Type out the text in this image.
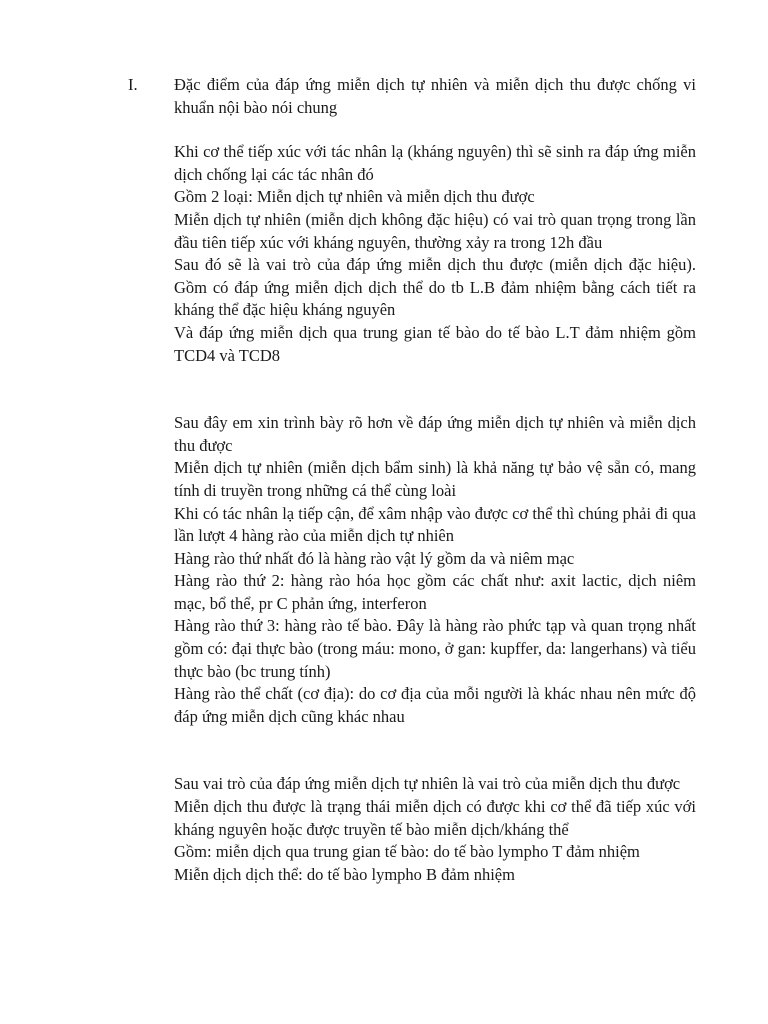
I. Đặc điểm của đáp ứng miễn dịch tự nhiên và miễn dịch thu được chống vi khuẩn nội bào nói chung

Khi cơ thể tiếp xúc với tác nhân lạ (kháng nguyên) thì sẽ sinh ra đáp ứng miễn dịch chống lại các tác nhân đó

Gồm 2 loại: Miễn dịch tự nhiên và miễn dịch thu được

Miễn dịch tự nhiên (miễn dịch không đặc hiệu) có vai trò quan trọng trong lần đầu tiên tiếp xúc với kháng nguyên, thường xảy ra trong 12h đầu

Sau đó sẽ là vai trò của đáp ứng miễn dịch thu được (miễn dịch đặc hiệu). Gồm có đáp ứng miễn dịch dịch thể do tb L.B đảm nhiệm bằng cách tiết ra kháng thể đặc hiệu kháng nguyên

Và đáp ứng miễn dịch qua trung gian tế bào do tế bào L.T đảm nhiệm gồm TCD4 và TCD8

Sau đây em xin trình bày rõ hơn về đáp ứng miễn dịch tự nhiên và miễn dịch thu được

Miễn dịch tự nhiên (miễn dịch bẩm sinh) là khả năng tự bảo vệ sẵn có, mang tính di truyền trong những cá thể cùng loài

Khi có tác nhân lạ tiếp cận, để xâm nhập vào được cơ thể thì chúng phải đi qua lần lượt 4 hàng rào của miễn dịch tự nhiên

Hàng rào thứ nhất đó là hàng rào vật lý gồm da và niêm mạc

Hàng rào thứ 2: hàng rào hóa học gồm các chất như: axit lactic, dịch niêm mạc, bổ thể, pr C phản ứng, interferon

Hàng rào thứ 3: hàng rào tế bào. Đây là hàng rào phức tạp và quan trọng nhất gồm có: đại thực bào (trong máu: mono, ở gan: kupffer, da: langerhans) và tiểu thực bào (bc trung tính)

Hàng rào thể chất (cơ địa): do cơ địa của mỗi người là khác nhau nên mức độ đáp ứng miễn dịch cũng khác nhau

Sau vai trò của đáp ứng miễn dịch tự nhiên là vai trò của miễn dịch thu được

Miễn dịch thu được là trạng thái miễn dịch có được khi cơ thể đã tiếp xúc với kháng nguyên hoặc được truyền tế bào miễn dịch/kháng thể

Gồm: miễn dịch qua trung gian tế bào: do tế bào lympho T đảm nhiệm

Miễn dịch dịch thể: do tế bào lympho B đảm nhiệm
